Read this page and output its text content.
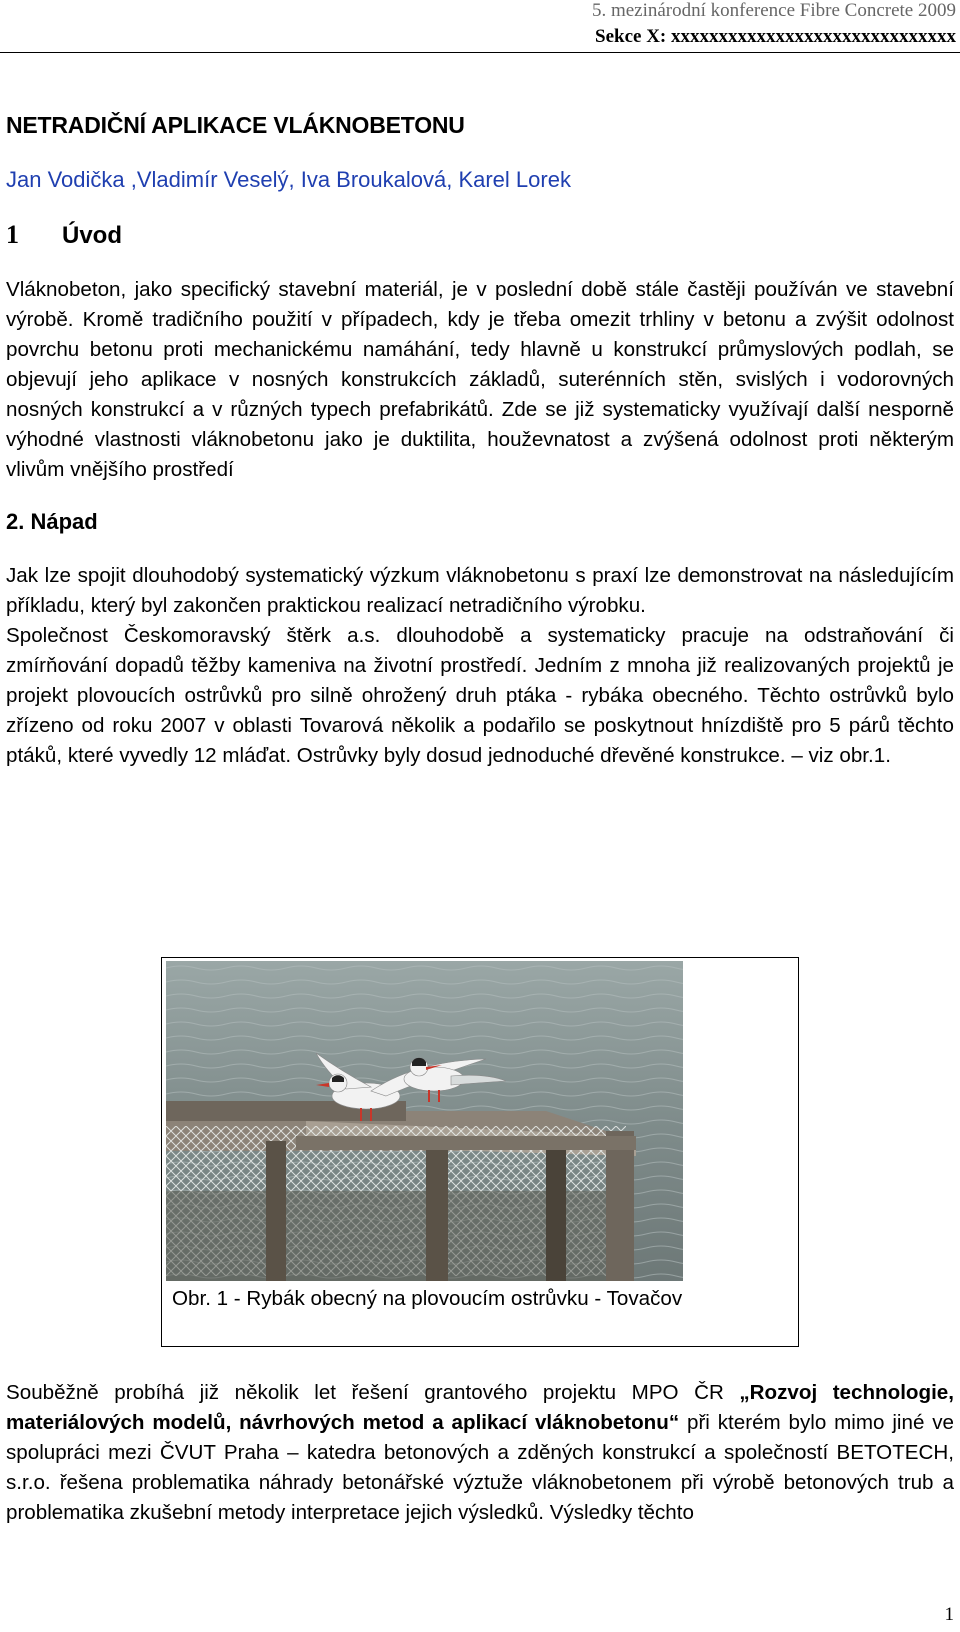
5. mezinárodní konference Fibre Concrete 2009
Sekce X: xxxxxxxxxxxxxxxxxxxxxxxxxxxxxx
NETRADIČNÍ APLIKACE VLÁKNOBETONU
Jan Vodička ,Vladimír Veselý, Iva Broukalová, Karel Lorek
1 Úvod

Vláknobeton, jako specifický stavební materiál, je v poslední době stále častěji používán ve stavební výrobě. Kromě tradičního použití v případech, kdy je třeba omezit trhliny v betonu a zvýšit odolnost povrchu betonu proti mechanickému namáhání, tedy hlavně u konstrukcí průmyslových podlah, se objevují jeho aplikace v nosných konstrukcích základů, suterénních stěn, svislých i vodorovných nosných konstrukcí a v různých typech prefabrikátů. Zde se již systematicky využívají další nesporně výhodné vlastnosti vláknobetonu jako je duktilita, houževnatost a zvýšená odolnost proti některým vlivům vnějšího prostředí

2. Nápad

Jak lze spojit dlouhodobý systematický výzkum vláknobetonu s praxí lze demonstrovat na následujícím příkladu, který byl zakončen praktickou realizací netradičního výrobku.

Společnost Českomoravský štěrk a.s. dlouhodobě a systematicky pracuje na odstraňování či zmírňování dopadů těžby kameniva na životní prostředí. Jedním z mnoha již realizovaných projektů je projekt plovoucích ostrůvků pro silně ohrožený druh ptáka - rybáka obecného. Těchto ostrůvků bylo zřízeno od roku 2007 v oblasti Tovarová několik a podařilo se poskytnout hnízdiště pro 5 párů těchto ptáků, které vyvedly 12 mláďat. Ostrůvky byly dosud jednoduché dřevěné konstrukce. – viz obr.1.

Obr. 1 - Rybák obecný na plovoucím ostrůvku - Tovačov

Souběžně probíhá již několik let řešení grantového projektu MPO ČR „Rozvoj technologie, materiálových modelů, návrhových metod a aplikací vláknobetonu“ při kterém bylo mimo jiné ve spolupráci mezi ČVUT Praha – katedra betonových a zděných konstrukcí a společností BETOTECH, s.r.o. řešena problematika náhrady betonářské výztuže vláknobetonem při výrobě betonových trub a problematika zkušební metody interpretace jejich výsledků. Výsledky těchto

1
